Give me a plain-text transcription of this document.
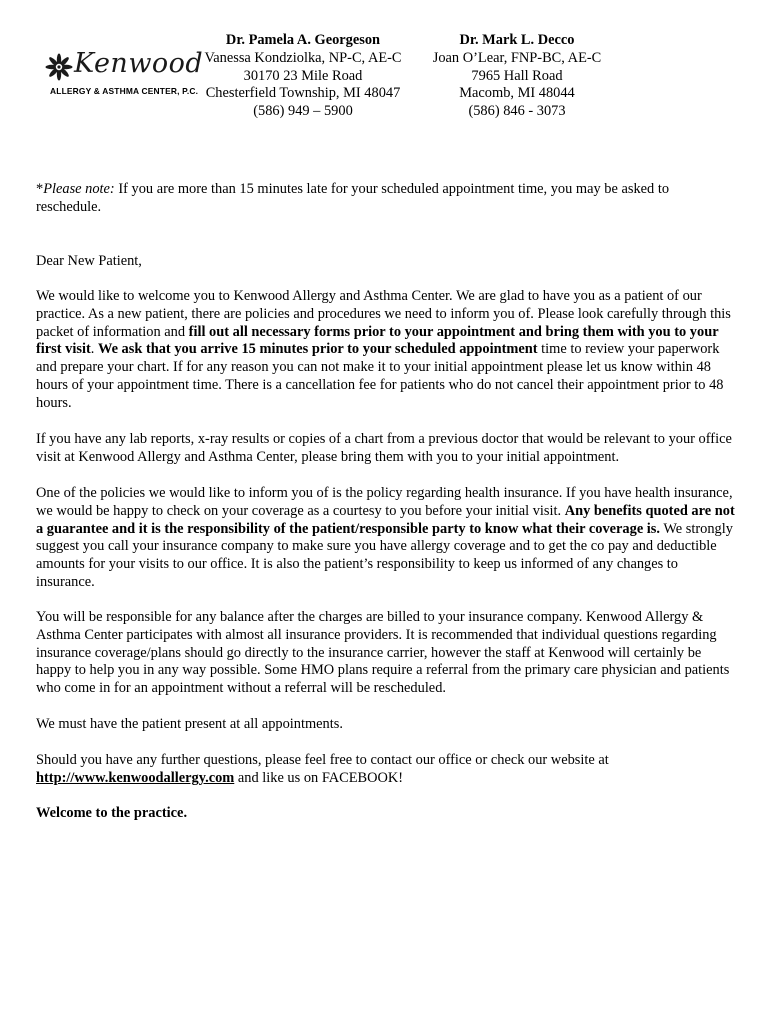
Kenwood
ALLERGY & ASTHMA CENTER, P.C.
Dr. Pamela A. Georgeson
Vanessa Kondziolka, NP-C, AE-C
30170 23 Mile Road
Chesterfield Township, MI 48047
(586) 949 – 5900
Dr. Mark L. Decco
Joan O’Lear, FNP-BC, AE-C
7965 Hall Road
Macomb, MI 48044
(586) 846 - 3073

*Please note: If you are more than 15 minutes late for your scheduled appointment time, you may be asked to reschedule.

Dear New Patient,

We would like to welcome you to Kenwood Allergy and Asthma Center. We are glad to have you as a patient of our practice. As a new patient, there are policies and procedures we need to inform you of. Please look carefully through this packet of information and fill out all necessary forms prior to your appointment and bring them with you to your first visit. We ask that you arrive 15 minutes prior to your scheduled appointment time to review your paperwork and prepare your chart. If for any reason you can not make it to your initial appointment please let us know within 48 hours of your appointment time. There is a cancellation fee for patients who do not cancel their appointment prior to 48 hours.

If you have any lab reports, x-ray results or copies of a chart from a previous doctor that would be relevant to your office visit at Kenwood Allergy and Asthma Center, please bring them with you to your initial appointment.

One of the policies we would like to inform you of is the policy regarding health insurance. If you have health insurance, we would be happy to check on your coverage as a courtesy to you before your initial visit. Any benefits quoted are not a guarantee and it is the responsibility of the patient/responsible party to know what their coverage is. We strongly suggest you call your insurance company to make sure you have allergy coverage and to get the co pay and deductible amounts for your visits to our office. It is also the patient’s responsibility to keep us informed of any changes to insurance.

You will be responsible for any balance after the charges are billed to your insurance company. Kenwood Allergy & Asthma Center participates with almost all insurance providers. It is recommended that individual questions regarding insurance coverage/plans should go directly to the insurance carrier, however the staff at Kenwood will certainly be happy to help you in any way possible. Some HMO plans require a referral from the primary care physician and patients who come in for an appointment without a referral will be rescheduled.

We must have the patient present at all appointments.

Should you have any further questions, please feel free to contact our office or check our website at http://www.kenwoodallergy.com and like us on FACEBOOK!

Welcome to the practice.
